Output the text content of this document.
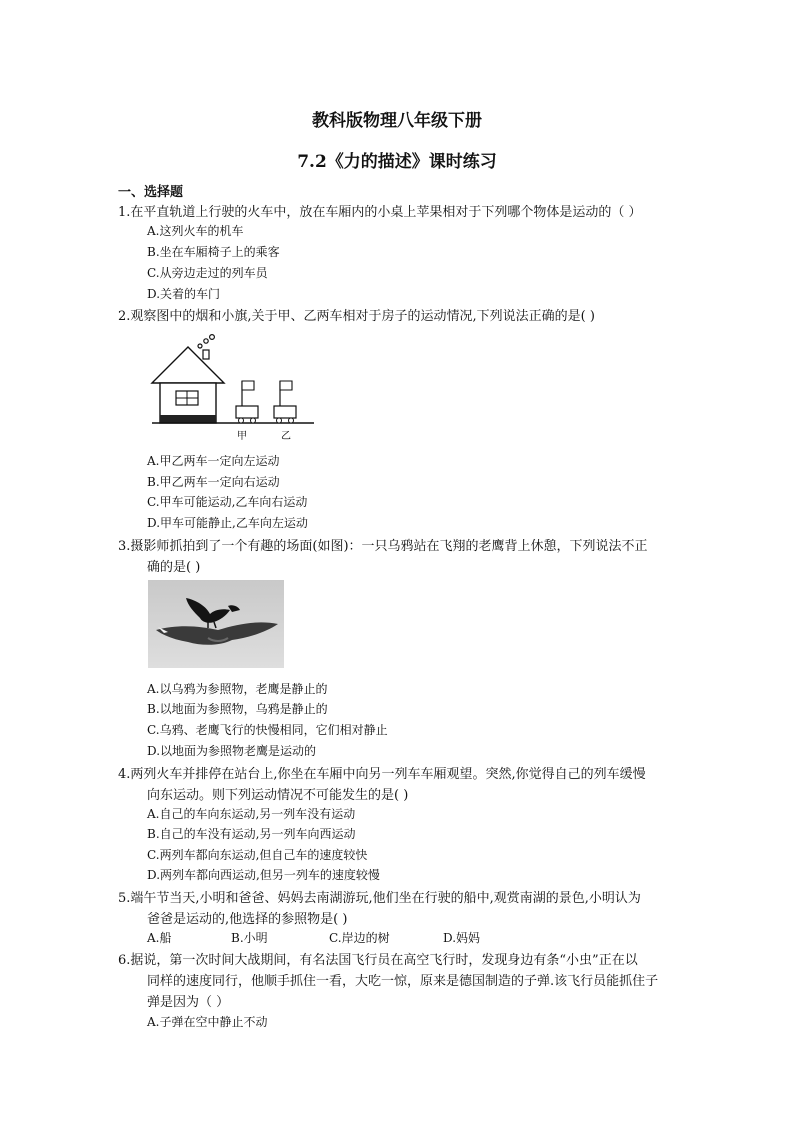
教科版物理八年级下册
7.2《力的描述》课时练习
一、选择题
1.在平直轨道上行驶的火车中，放在车厢内的小桌上苹果相对于下列哪个物体是运动的（ ）
A.这列火车的机车
B.坐在车厢椅子上的乘客
C.从旁边走过的列车员
D.关着的车门
2.观察图中的烟和小旗,关于甲、乙两车相对于房子的运动情况,下列说法正确的是( )
甲	乙
A.甲乙两车一定向左运动
B.甲乙两车一定向右运动
C.甲车可能运动,乙车向右运动
D.甲车可能静止,乙车向左运动
3.摄影师抓拍到了一个有趣的场面(如图)：一只乌鸦站在飞翔的老鹰背上休憩，下列说法不正
确的是( )
A.以乌鸦为参照物，老鹰是静止的
B.以地面为参照物，乌鸦是静止的
C.乌鸦、老鹰飞行的快慢相同，它们相对静止
D.以地面为参照物老鹰是运动的
4.两列火车并排停在站台上,你坐在车厢中向另一列车车厢观望。突然,你觉得自己的列车缓慢
向东运动。则下列运动情况不可能发生的是( )
A.自己的车向东运动,另一列车没有运动
B.自己的车没有运动,另一列车向西运动
C.两列车都向东运动,但自己车的速度较快
D.两列车都向西运动,但另一列车的速度较慢
5.端午节当天,小明和爸爸、妈妈去南湖游玩,他们坐在行驶的船中,观赏南湖的景色,小明认为
爸爸是运动的,他选择的参照物是( )
A.船	B.小明	C.岸边的树	D.妈妈
6.据说，第一次时间大战期间，有名法国飞行员在高空飞行时，发现身边有条“小虫”正在以
同样的速度同行，他顺手抓住一看，大吃一惊，原来是德国制造的子弹.该飞行员能抓住子
弹是因为（ ）
A.子弹在空中静止不动
